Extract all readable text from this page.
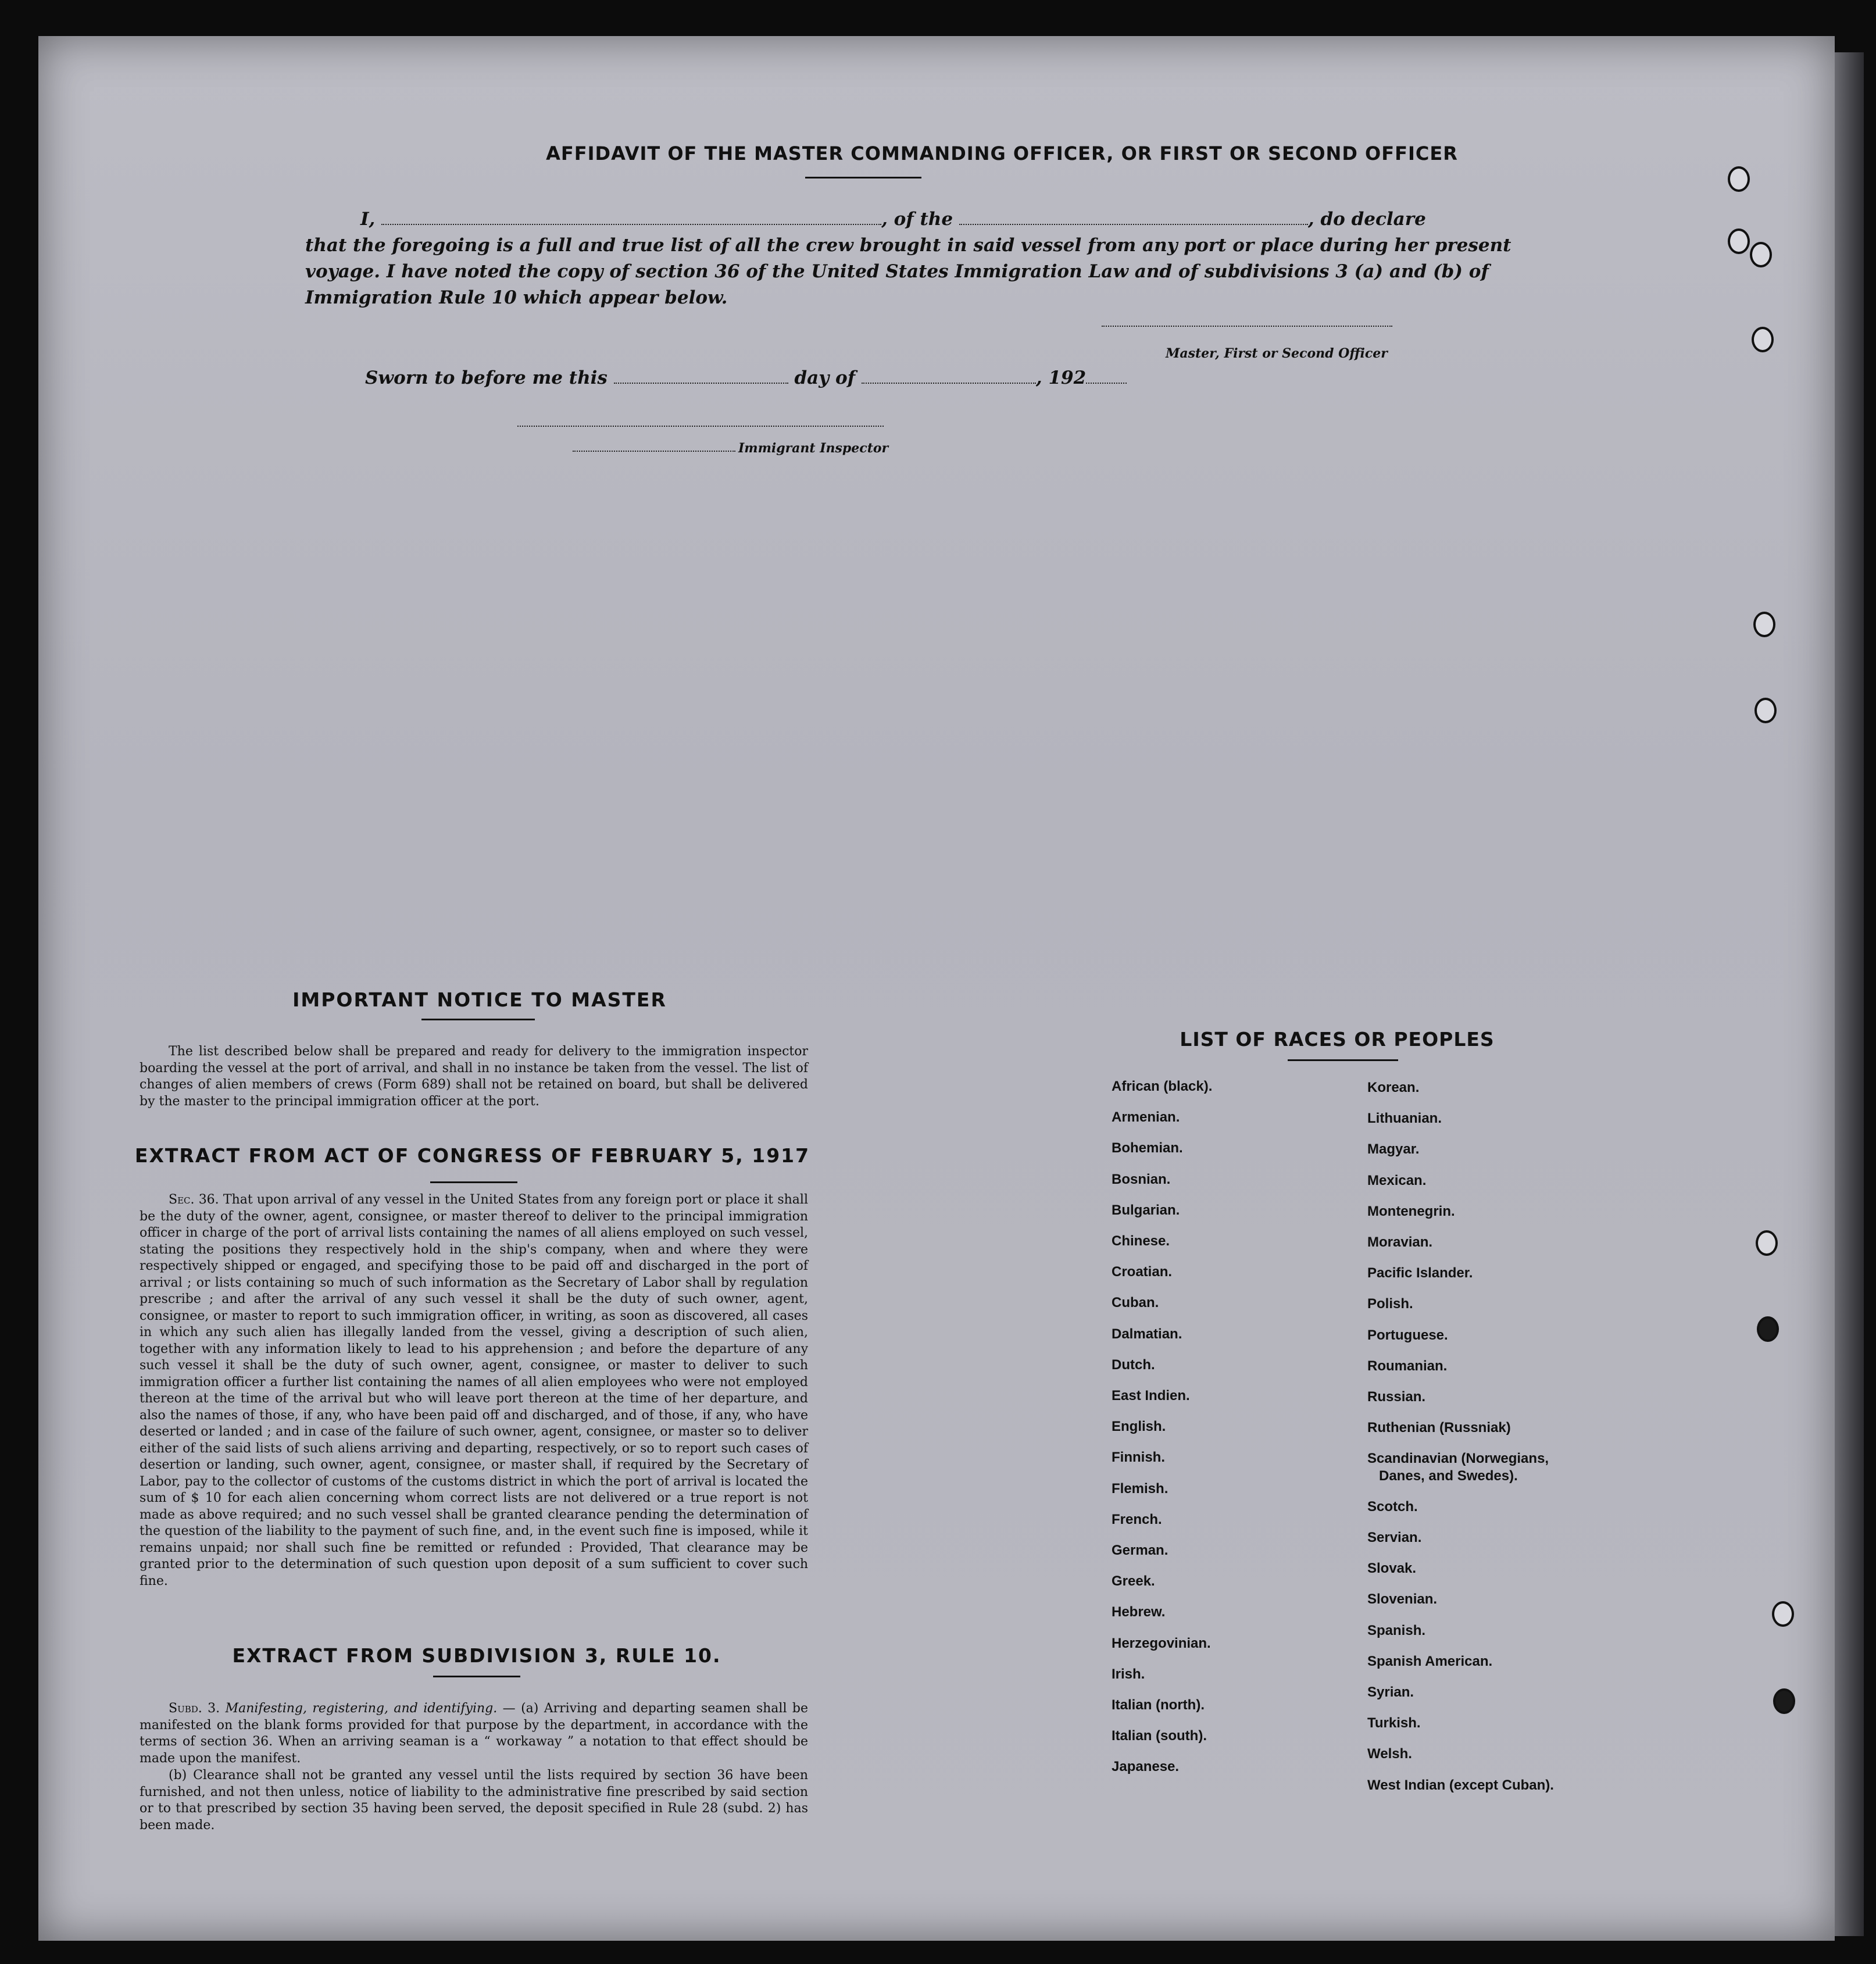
AFFIDAVIT OF THE MASTER COMMANDING OFFICER, OR FIRST OR SECOND OFFICER
I,	, of the	, do declare
that the foregoing is a full and true list of all the crew brought in said vessel from any port or place during her present
voyage. I have noted the copy of section 36 of the United States Immigration Law and of subdivisions 3 (a) and (b) of
Immigration Rule 10 which appear below.
Master, First or Second Officer
Sworn to before me this	day of	, 192
Immigrant Inspector
IMPORTANT NOTICE TO MASTER
The list described below shall be prepared and ready for delivery to the immigration inspector boarding the vessel at the port of arrival, and shall in no instance be taken from the vessel. The list of changes of alien members of crews (Form 689) shall not be retained on board, but shall be delivered by the master to the principal immigration officer at the port.
EXTRACT FROM ACT OF CONGRESS OF FEBRUARY 5, 1917
Sec. 36. That upon arrival of any vessel in the United States from any foreign port or place it shall be the duty of the owner, agent, consignee, or master thereof to deliver to the principal immigration officer in charge of the port of arrival lists containing the names of all aliens employed on such vessel, stating the positions they respectively hold in the ship's company, when and where they were respectively shipped or engaged, and specifying those to be paid off and discharged in the port of arrival ; or lists containing so much of such information as the Secretary of Labor shall by regulation prescribe ; and after the arrival of any such vessel it shall be the duty of such owner, agent, consignee, or master to report to such immigration officer, in writing, as soon as discovered, all cases in which any such alien has illegally landed from the vessel, giving a description of such alien, together with any information likely to lead to his apprehension ; and before the departure of any such vessel it shall be the duty of such owner, agent, consignee, or master to deliver to such immigration officer a further list containing the names of all alien employees who were not employed thereon at the time of the arrival but who will leave port thereon at the time of her departure, and also the names of those, if any, who have been paid off and discharged, and of those, if any, who have deserted or landed ; and in case of the failure of such owner, agent, consignee, or master so to deliver either of the said lists of such aliens arriving and departing, respectively, or so to report such cases of desertion or landing, such owner, agent, consignee, or master shall, if required by the Secretary of Labor, pay to the collector of customs of the customs district in which the port of arrival is located the sum of $ 10 for each alien concerning whom correct lists are not delivered or a true report is not made as above required; and no such vessel shall be granted clearance pending the determination of the question of the liability to the payment of such fine, and, in the event such fine is imposed, while it remains unpaid; nor shall such fine be remitted or refunded : Provided, That clearance may be granted prior to the determination of such question upon deposit of a sum sufficient to cover such fine.
EXTRACT FROM SUBDIVISION 3, RULE 10.
Subd. 3. Manifesting, registering, and identifying. — (a) Arriving and departing seamen shall be manifested on the blank forms provided for that purpose by the department, in accordance with the terms of section 36. When an arriving seaman is a “ workaway ” a notation to that effect should be made upon the manifest.
(b) Clearance shall not be granted any vessel until the lists required by section 36 have been furnished, and not then unless, notice of liability to the administrative fine prescribed by said section or to that prescribed by section 35 having been served, the deposit specified in Rule 28 (subd. 2) has been made.
LIST OF RACES OR PEOPLES
African (black).
Armenian.
Bohemian.
Bosnian.
Bulgarian.
Chinese.
Croatian.
Cuban.
Dalmatian.
Dutch.
East Indien.
English.
Finnish.
Flemish.
French.
German.
Greek.
Hebrew.
Herzegovinian.
Irish.
Italian (north).
Italian (south).
Japanese.
Korean.
Lithuanian.
Magyar.
Mexican.
Montenegrin.
Moravian.
Pacific Islander.
Polish.
Portuguese.
Roumanian.
Russian.
Ruthenian (Russniak)
Scandinavian (Norwegians,
Danes, and Swedes).
Scotch.
Servian.
Slovak.
Slovenian.
Spanish.
Spanish American.
Syrian.
Turkish.
Welsh.
West Indian (except Cuban).
